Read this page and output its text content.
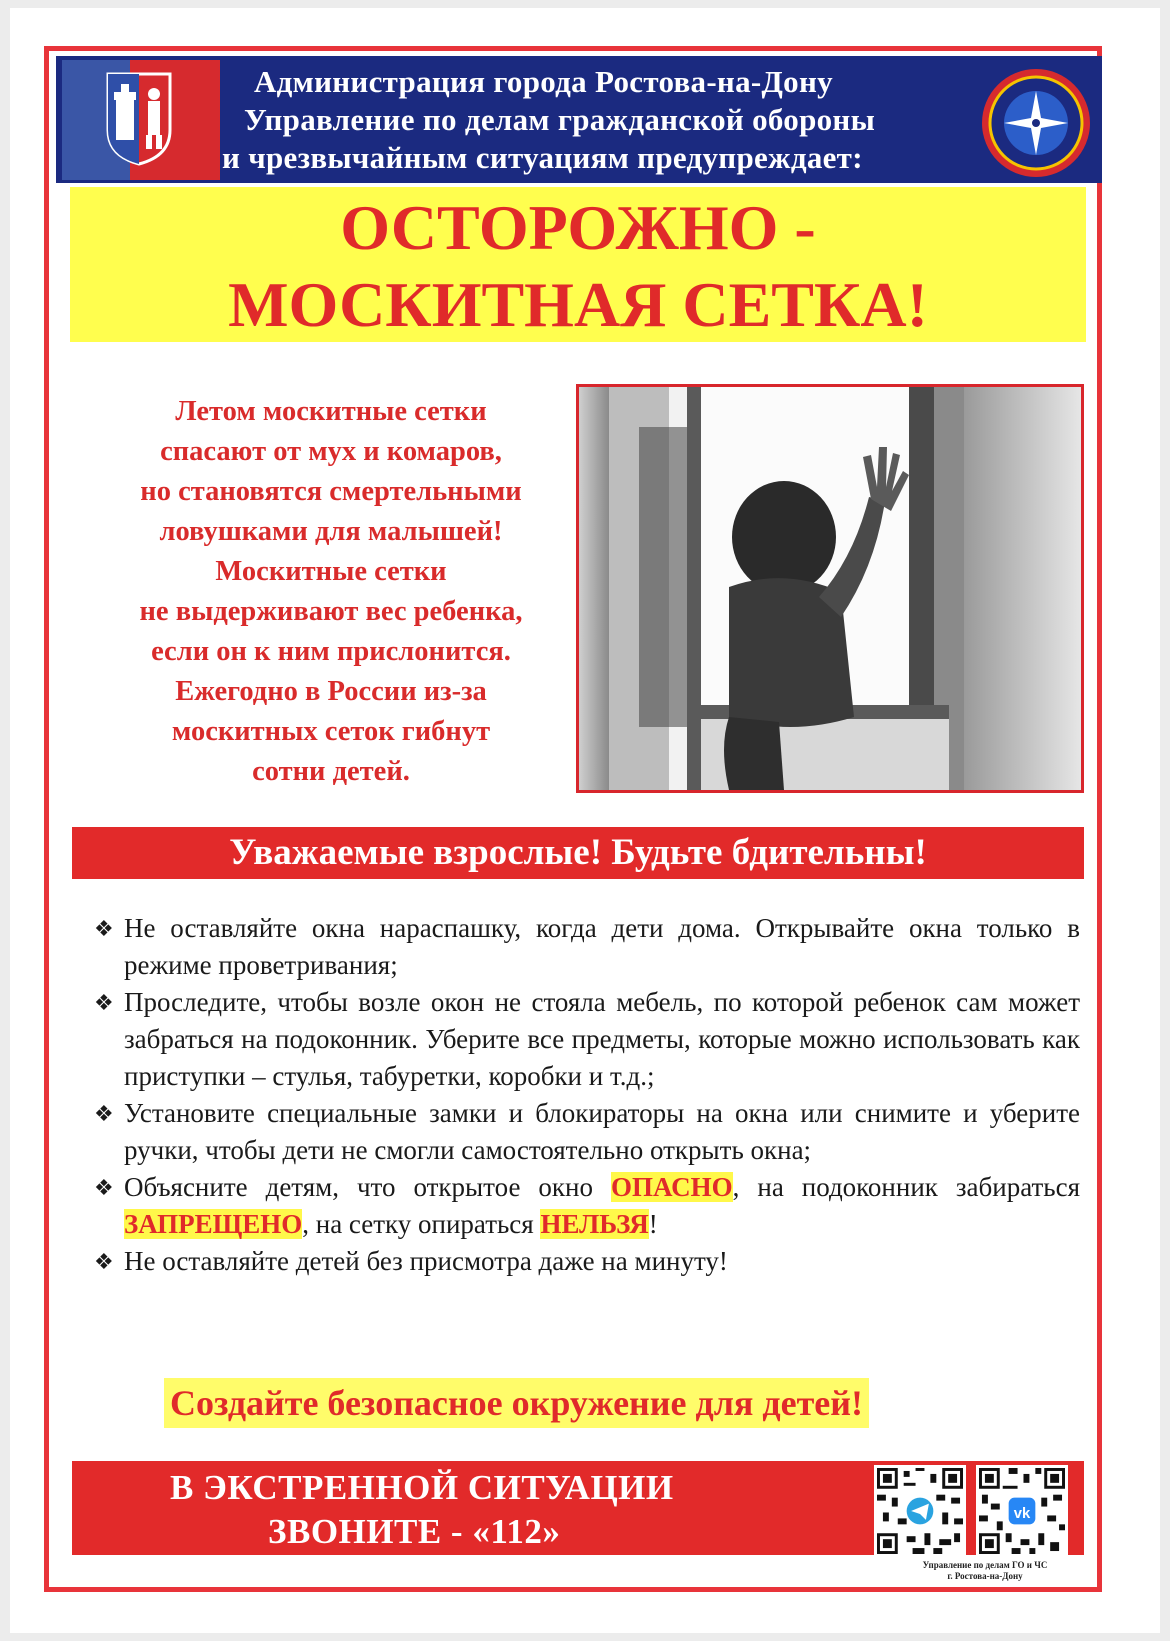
Администрация города Ростова-на-Дону
Управление по делам гражданской обороны
и чрезвычайным ситуациям предупреждает:
ОСТОРОЖНО -
МОСКИТНАЯ СЕТКА!
Летом москитные сетки
спасают от мух и комаров,
но становятся смертельными
ловушками для малышей!
Москитные сетки
не выдерживают вес ребенка,
если он к ним прислонится.
Ежегодно в России из-за
москитных сеток гибнут
сотни детей.
Уважаемые взрослые! Будьте бдительны!
❖ Не оставляйте окна нараспашку, когда дети дома. Открывайте окна только в режиме проветривания;
❖ Проследите, чтобы возле окон не стояла мебель, по которой ребенок сам может забраться на подоконник. Уберите все предметы, которые можно использовать как приступки – стулья, табуретки, коробки и т.д.;
❖ Установите специальные замки и блокираторы на окна или снимите и уберите ручки, чтобы дети не смогли самостоятельно открыть окна;
❖ Объясните детям, что открытое окно ОПАСНО, на подоконник забираться ЗАПРЕЩЕНО, на сетку опираться НЕЛЬЗЯ!
❖ Не оставляйте детей без присмотра даже на минуту!
Создайте безопасное окружение для детей!
В ЭКСТРЕННОЙ СИТУАЦИИ
ЗВОНИТЕ - «112»	vk
Управление по делам ГО и ЧС
г. Ростова-на-Дону
